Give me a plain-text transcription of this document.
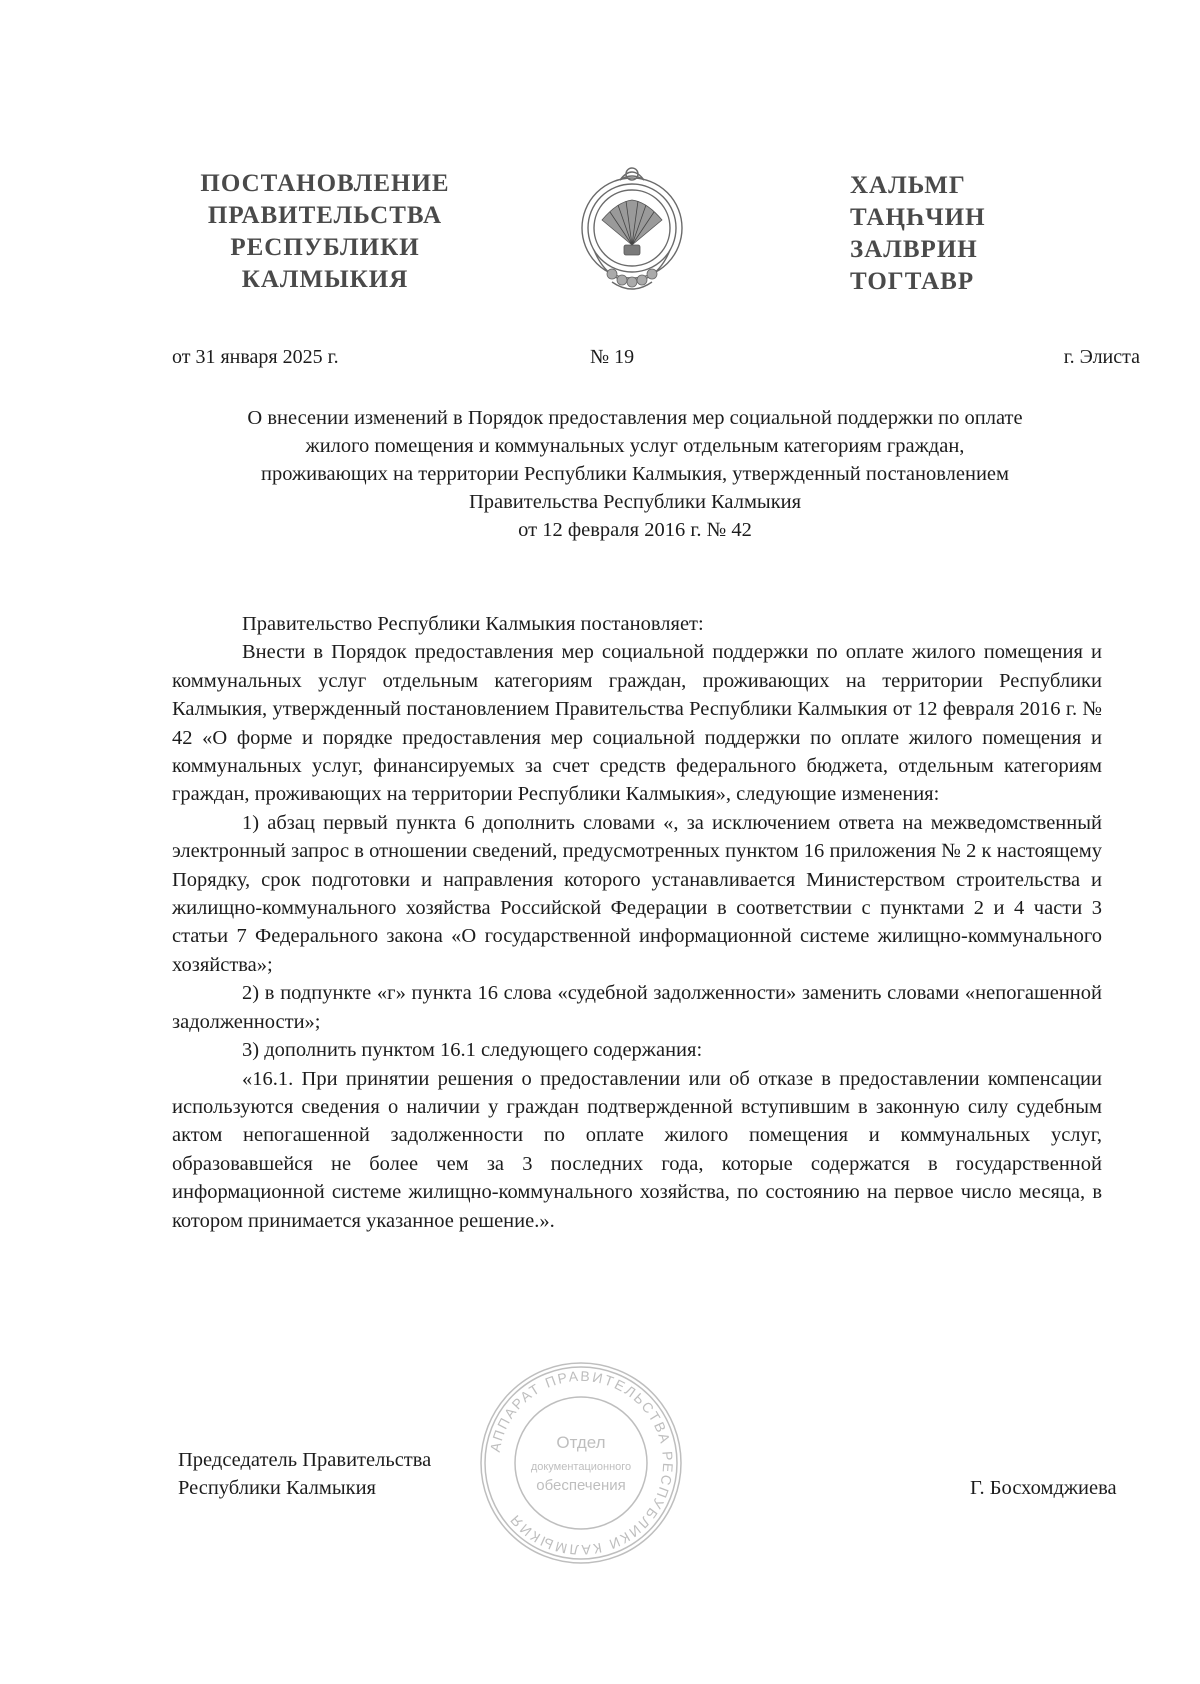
ПОСТАНОВЛЕНИЕ
ПРАВИТЕЛЬСТВА
РЕСПУБЛИКИ
КАЛМЫКИЯ
ХАЛЬМГ
ТАҢҺЧИН
ЗАЛВРИН
ТОГТАВР
от 31 января 2025 г.	№ 19	г. Элиста
О внесении изменений в Порядок предоставления мер социальной поддержки по оплате
жилого помещения и коммунальных услуг отдельным категориям граждан,
проживающих на территории Республики Калмыкия, утвержденный постановлением
Правительства Республики Калмыкия
от 12 февраля 2016 г. № 42

Правительство Республики Калмыкия постановляет:

Внести в Порядок предоставления мер социальной поддержки по оплате жилого помещения и коммунальных услуг отдельным категориям граждан, проживающих на территории Республики Калмыкия, утвержденный постановлением Правительства Республики Калмыкия от 12 февраля 2016 г. № 42 «О форме и порядке предоставления мер социальной поддержки по оплате жилого помещения и коммунальных услуг, финансируемых за счет средств федерального бюджета, отдельным категориям граждан, проживающих на территории Республики Калмыкия», следующие изменения:

1) абзац первый пункта 6 дополнить словами «, за исключением ответа на межведомственный электронный запрос в отношении сведений, предусмотренных пунктом 16 приложения № 2 к настоящему Порядку, срок подготовки и направления которого устанавливается Министерством строительства и жилищно-коммунального хозяйства Российской Федерации в соответствии с пунктами 2 и 4 части 3 статьи 7 Федерального закона «О государственной информационной системе жилищно-коммунального хозяйства»;

2) в подпункте «г» пункта 16 слова «судебной задолженности» заменить словами «непогашенной задолженности»;

3) дополнить пунктом 16.1 следующего содержания:

«16.1. При принятии решения о предоставлении или об отказе в предоставлении компенсации используются сведения о наличии у граждан подтвержденной вступившим в законную силу судебным актом непогашенной задолженности по оплате жилого помещения и коммунальных услуг, образовавшейся не более чем за 3 последних года, которые содержатся в государственной информационной системе жилищно-коммунального хозяйства, по состоянию на первое число месяца, в котором принимается указанное решение.».

АППАРАТ ПРАВИТЕЛЬСТВА РЕСПУБЛИКИ КАЛМЫКИЯ
Отдел
документационного
обеспечения
Председатель Правительства
Республики Калмыкия	Г. Босхомджиева
